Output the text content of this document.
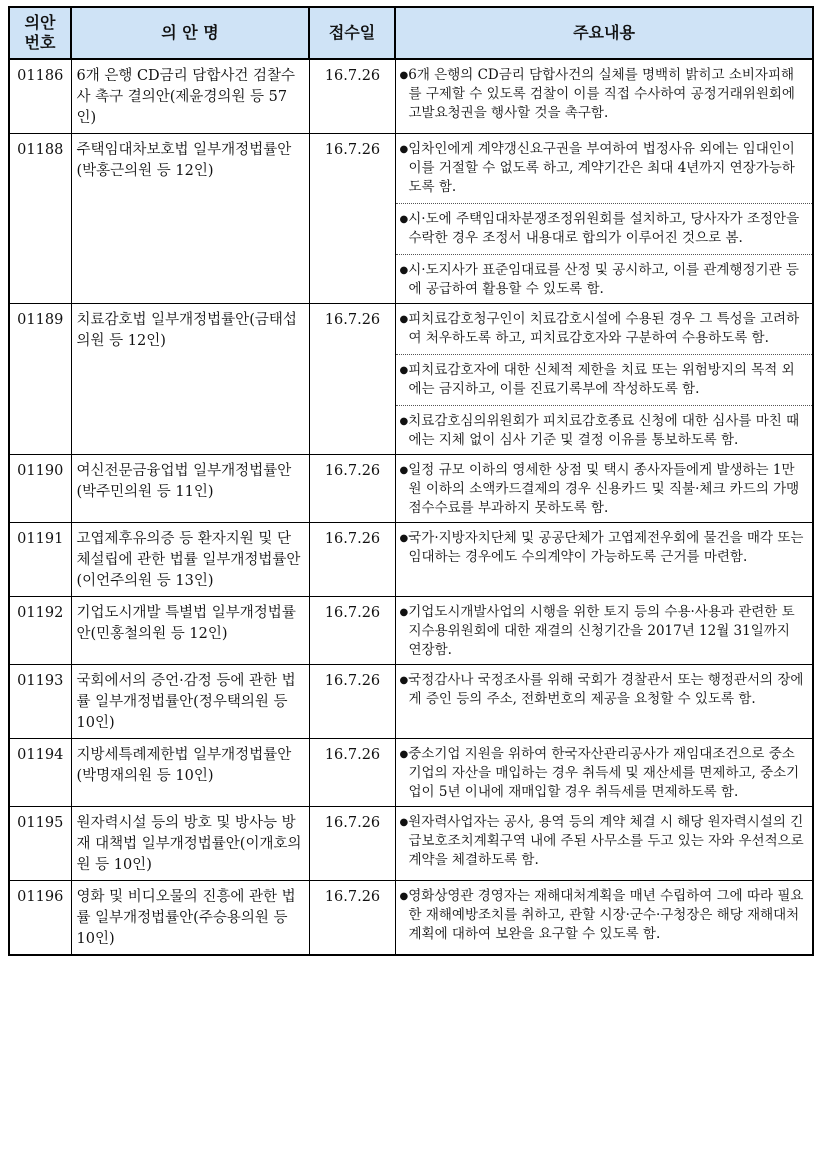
의안
번호	의 안 명	접수일	주요내용
01186	6개 은행 CD금리 담합사건 검찰수사 촉구 결의안(제윤경의원 등 57인)	16.7.26	●6개 은행의 CD금리 담합사건의 실체를 명백히 밝히고 소비자피해를 구제할 수 있도록 검찰이 이를 직접 수사하여 공정거래위원회에 고발요청권을 행사할 것을 촉구함.

01188	주택임대차보호법 일부개정법률안(박홍근의원 등 12인)	16.7.26	●임차인에게 계약갱신요구권을 부여하여 법정사유 외에는 임대인이 이를 거절할 수 없도록 하고, 계약기간은 최대 4년까지 연장가능하도록 함.

●시·도에 주택임대차분쟁조정위원회를 설치하고, 당사자가 조정안을 수락한 경우 조정서 내용대로 합의가 이루어진 것으로 봄.

●시·도지사가 표준임대료를 산정 및 공시하고, 이를 관계행정기관 등에 공급하여 활용할 수 있도록 함.

01189	치료감호법 일부개정법률안(금태섭의원 등 12인)	16.7.26	●피치료감호청구인이 치료감호시설에 수용된 경우 그 특성을 고려하여 처우하도록 하고, 피치료감호자와 구분하여 수용하도록 함.

●피치료감호자에 대한 신체적 제한을 치료 또는 위험방지의 목적 외에는 금지하고, 이를 진료기록부에 작성하도록 함.

●치료감호심의위원회가 피치료감호종료 신청에 대한 심사를 마친 때에는 지체 없이 심사 기준 및 결정 이유를 통보하도록 함.

01190	여신전문금융업법 일부개정법률안(박주민의원 등 11인)	16.7.26	●일정 규모 이하의 영세한 상점 및 택시 종사자들에게 발생하는 1만원 이하의 소액카드결제의 경우 신용카드 및 직불·체크 카드의 가맹점수수료를 부과하지 못하도록 함.

01191	고엽제후유의증 등 환자지원 및 단체설립에 관한 법률 일부개정법률안(이언주의원 등 13인)	16.7.26	●국가·지방자치단체 및 공공단체가 고엽제전우회에 물건을 매각 또는 임대하는 경우에도 수의계약이 가능하도록 근거를 마련함.

01192	기업도시개발 특별법 일부개정법률안(민홍철의원 등 12인)	16.7.26	●기업도시개발사업의 시행을 위한 토지 등의 수용·사용과 관련한 토지수용위원회에 대한 재결의 신청기간을 2017년 12월 31일까지 연장함.

01193	국회에서의 증언·감정 등에 관한 법률 일부개정법률안(정우택의원 등 10인)	16.7.26	●국정감사나 국정조사를 위해 국회가 경찰관서 또는 행정관서의 장에게 증인 등의 주소, 전화번호의 제공을 요청할 수 있도록 함.

01194	지방세특례제한법 일부개정법률안(박명재의원 등 10인)	16.7.26	●중소기업 지원을 위하여 한국자산관리공사가 재임대조건으로 중소기업의 자산을 매입하는 경우 취득세 및 재산세를 면제하고, 중소기업이 5년 이내에 재매입할 경우 취득세를 면제하도록 함.

01195	원자력시설 등의 방호 및 방사능 방재 대책법 일부개정법률안(이개호의원 등 10인)	16.7.26	●원자력사업자는 공사, 용역 등의 계약 체결 시 해당 원자력시설의 긴급보호조치계획구역 내에 주된 사무소를 두고 있는 자와 우선적으로 계약을 체결하도록 함.

01196	영화 및 비디오물의 진흥에 관한 법률 일부개정법률안(주승용의원 등 10인)	16.7.26	●영화상영관 경영자는 재해대처계획을 매년 수립하여 그에 따라 필요한 재해예방조치를 취하고, 관할 시장·군수·구청장은 해당 재해대처계획에 대하여 보완을 요구할 수 있도록 함.
